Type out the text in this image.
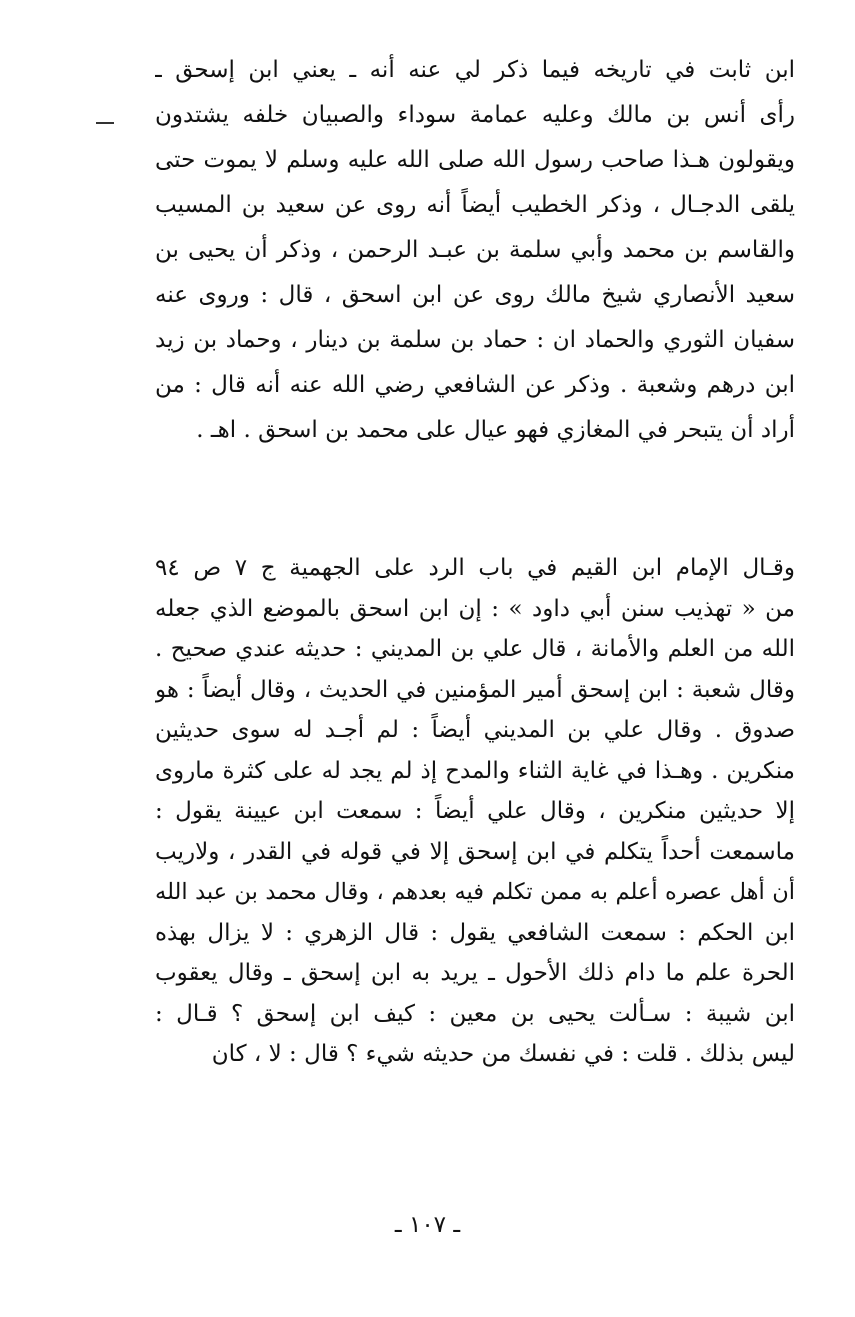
ابن ثابت في تاريخه فيما ذكر لي عنه أنه ـ يعني ابن إسحق ـ
رأى أنس بن مالك وعليه عمامة سوداء والصبيان خلفه يشتدون
ويقولون هـذا صاحب رسول الله صلى الله عليه وسلم لا يموت حتى
يلقى الدجـال ، وذكر الخطيب أيضاً أنه روى عن سعيد بن المسيب
والقاسم بن محمد وأبي سلمة بن عبـد الرحمن ، وذكر أن يحيى بن
سعيد الأنصاري شيخ مالك روى عن ابن اسحق ، قال : وروى عنه
سفيان الثوري والحماد ان : حماد بن سلمة بن دينار ، وحماد بن زيد
ابن درهم وشعبة . وذكر عن الشافعي رضي الله عنه أنه قال : من
أراد أن يتبحر في المغازي فهو عيال على محمد بن اسحق . اهـ .
وقـال الإمام ابن القيم في باب الرد على الجهمية ج ٧ ص ٩٤
من « تهذيب سنن أبي داود » : إن ابن اسحق بالموضع الذي جعله
الله من العلم والأمانة ، قال علي بن المديني : حديثه عندي صحيح .
وقال شعبة : ابن إسحق أمير المؤمنين في الحديث ، وقال أيضاً : هو
صدوق . وقال علي بن المديني أيضاً : لم أجـد له سوى حديثين
منكرين . وهـذا في غاية الثناء والمدح إذ لم يجد له على كثرة ماروى
إلا حديثين منكرين ، وقال علي أيضاً : سمعت ابن عيينة يقول :
ماسمعت أحداً يتكلم في ابن إسحق إلا في قوله في القدر ، ولاريب
أن أهل عصره أعلم به ممن تكلم فيه بعدهم ، وقال محمد بن عبد الله
ابن الحكم : سمعت الشافعي يقول : قال الزهري : لا يزال بهذه
الحرة علم ما دام ذلك الأحول ـ يريد به ابن إسحق ـ وقال يعقوب
ابن شيبة : سـألت يحيى بن معين : كيف ابن إسحق ؟ قـال :
ليس بذلك . قلت : في نفسك من حديثه شيء ؟ قال : لا ، كان
ـ ١٠٧ ـ
